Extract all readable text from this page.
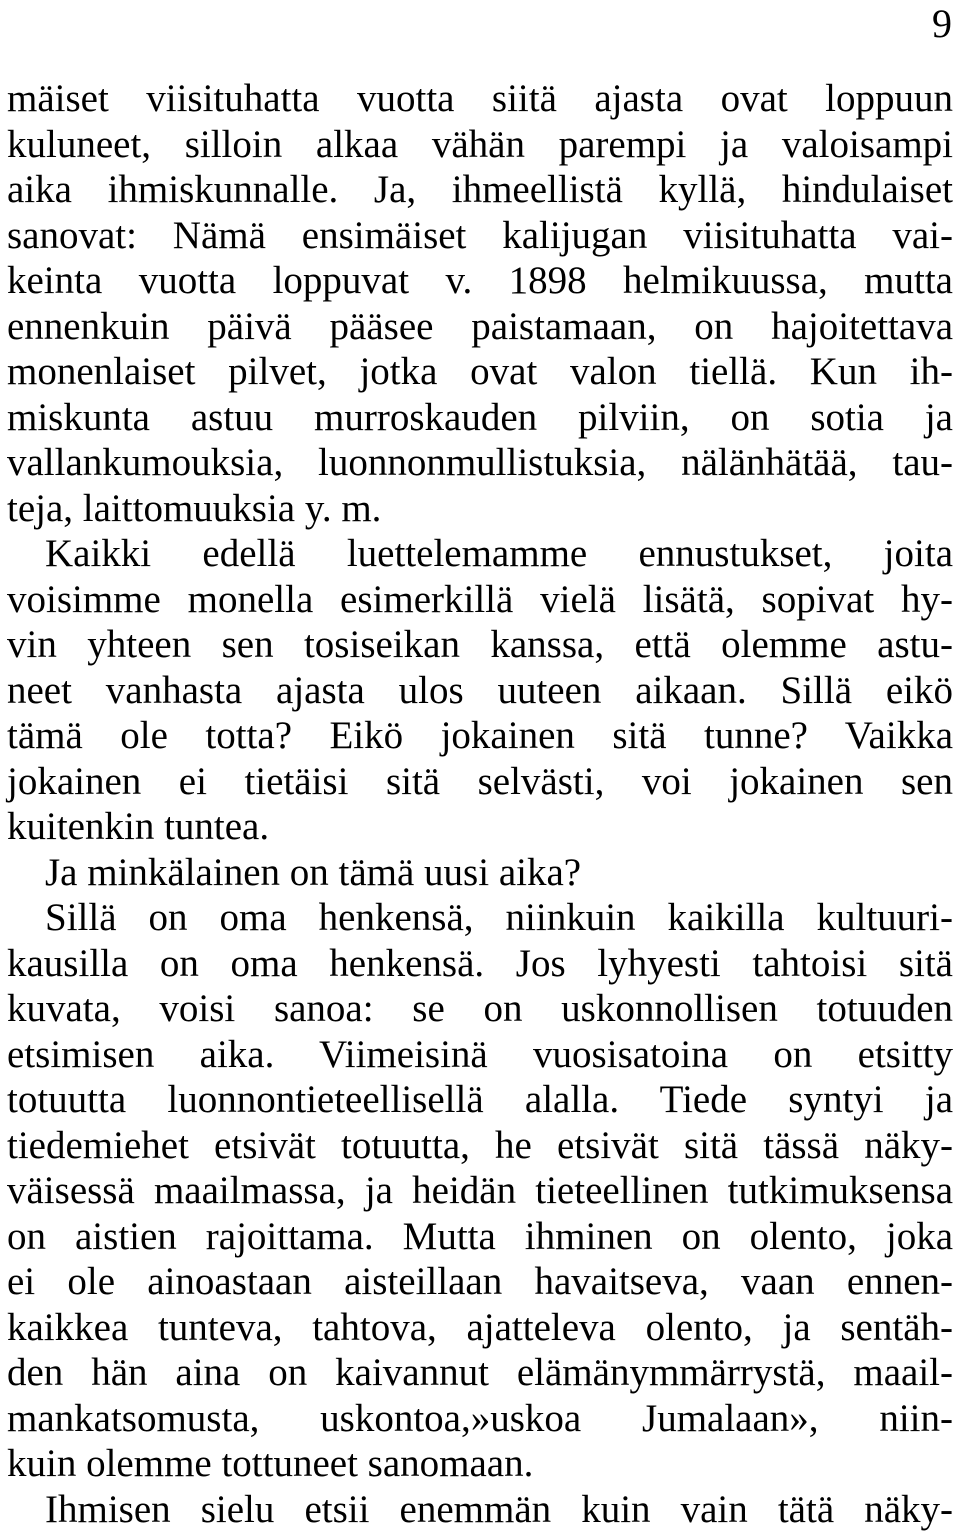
9
mäiset viisituhatta vuotta siitä ajasta ovat loppuun
kuluneet, silloin alkaa vähän parempi ja valoisampi
aika ihmiskunnalle. Ja, ihmeellistä kyllä, hindulaiset
sanovat: Nämä ensimäiset kalijugan viisituhatta vai-
keinta vuotta loppuvat v. 1898 helmikuussa, mutta
ennenkuin päivä pääsee paistamaan, on hajoitettava
monenlaiset pilvet, jotka ovat valon tiellä. Kun ih-
miskunta astuu murroskauden pilviin, on sotia ja
vallankumouksia, luonnonmullistuksia, nälänhätää, tau-
teja, laittomuuksia y. m.
Kaikki edellä luettelemamme ennustukset, joita
voisimme monella esimerkillä vielä lisätä, sopivat hy-
vin yhteen sen tosiseikan kanssa, että olemme astu-
neet vanhasta ajasta ulos uuteen aikaan. Sillä eikö
tämä ole totta? Eikö jokainen sitä tunne? Vaikka
jokainen ei tietäisi sitä selvästi, voi jokainen sen
kuitenkin tuntea.
Ja minkälainen on tämä uusi aika?
Sillä on oma henkensä, niinkuin kaikilla kultuuri-
kausilla on oma henkensä. Jos lyhyesti tahtoisi sitä
kuvata, voisi sanoa: se on uskonnollisen totuuden
etsimisen aika. Viimeisinä vuosisatoina on etsitty
totuutta luonnontieteellisellä alalla. Tiede syntyi ja
tiedemiehet etsivät totuutta, he etsivät sitä tässä näky-
väisessä maailmassa, ja heidän tieteellinen tutkimuksensa
on aistien rajoittama. Mutta ihminen on olento, joka
ei ole ainoastaan aisteillaan havaitseva, vaan ennen-
kaikkea tunteva, tahtova, ajatteleva olento, ja sentäh-
den hän aina on kaivannut elämänymmärrystä, maail-
mankatsomusta, uskontoa,»uskoa Jumalaan», niin-
kuin olemme tottuneet sanomaan.
Ihmisen sielu etsii enemmän kuin vain tätä näky-
